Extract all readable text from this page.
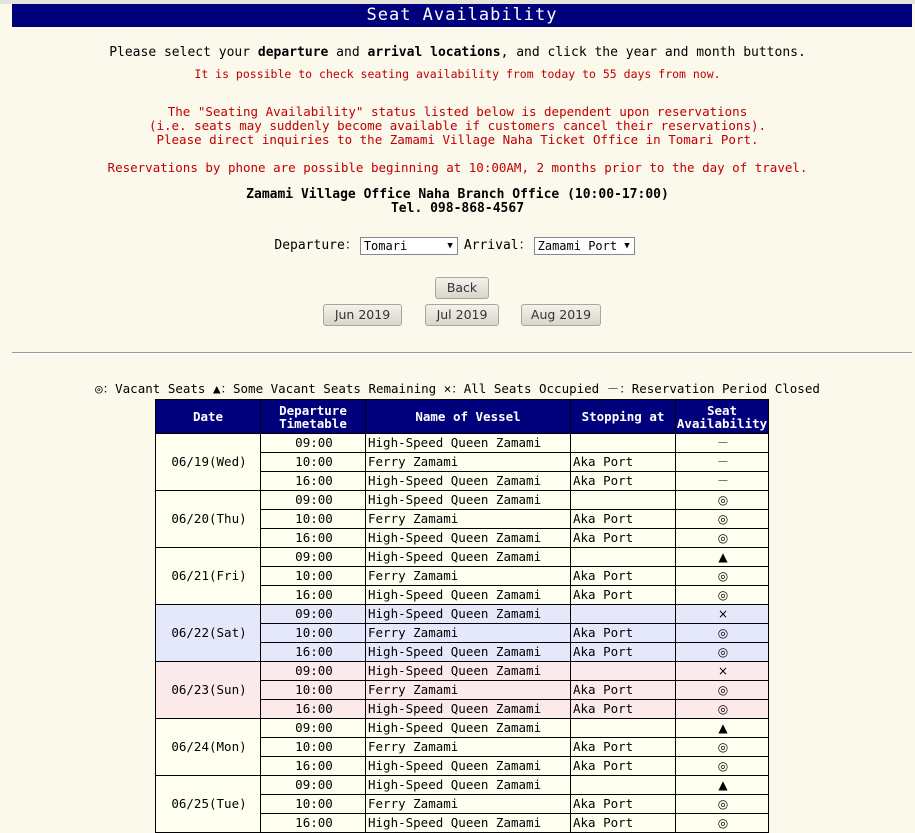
Seat Availability
Please select your departure and arrival locations, and click the year and month buttons.
It is possible to check seating availability from today to 55 days from now.
The "Seating Availability" status listed below is dependent upon reservations
(i.e. seats may suddenly become available if customers cancel their reservations).
Please direct inquiries to the Zamami Village Naha Ticket Office in Tomari Port.
Reservations by phone are possible beginning at 10:00AM, 2 months prior to the day of travel.
Zamami Village Office Naha Branch Office (10:00-17:00)
Tel. 098-868-4567
Departure： Tomari	▼ Arrival： Zamami Port ▼
Back
Jun 2019	Jul 2019	Aug 2019
◎：Vacant Seats ▲：Some Vacant Seats Remaining ×：All Seats Occupied －：Reservation Period Closed
Date	Departure
Timetable	Name of Vessel	Stopping at	Seat
Availability
06/19(Wed)	09:00	High-Speed Queen Zamami		－
	10:00	Ferry Zamami	Aka Port	－
	16:00	High-Speed Queen Zamami	Aka Port	－
06/20(Thu)	09:00	High-Speed Queen Zamami		◎
	10:00	Ferry Zamami	Aka Port	◎
	16:00	High-Speed Queen Zamami	Aka Port	◎
06/21(Fri)	09:00	High-Speed Queen Zamami		▲
	10:00	Ferry Zamami	Aka Port	◎
	16:00	High-Speed Queen Zamami	Aka Port	◎
06/22(Sat)	09:00	High-Speed Queen Zamami		×
	10:00	Ferry Zamami	Aka Port	◎
	16:00	High-Speed Queen Zamami	Aka Port	◎
06/23(Sun)	09:00	High-Speed Queen Zamami		×
	10:00	Ferry Zamami	Aka Port	◎
	16:00	High-Speed Queen Zamami	Aka Port	◎
06/24(Mon)	09:00	High-Speed Queen Zamami		▲
	10:00	Ferry Zamami	Aka Port	◎
	16:00	High-Speed Queen Zamami	Aka Port	◎
06/25(Tue)	09:00	High-Speed Queen Zamami		▲
	10:00	Ferry Zamami	Aka Port	◎
	16:00	High-Speed Queen Zamami	Aka Port	◎
